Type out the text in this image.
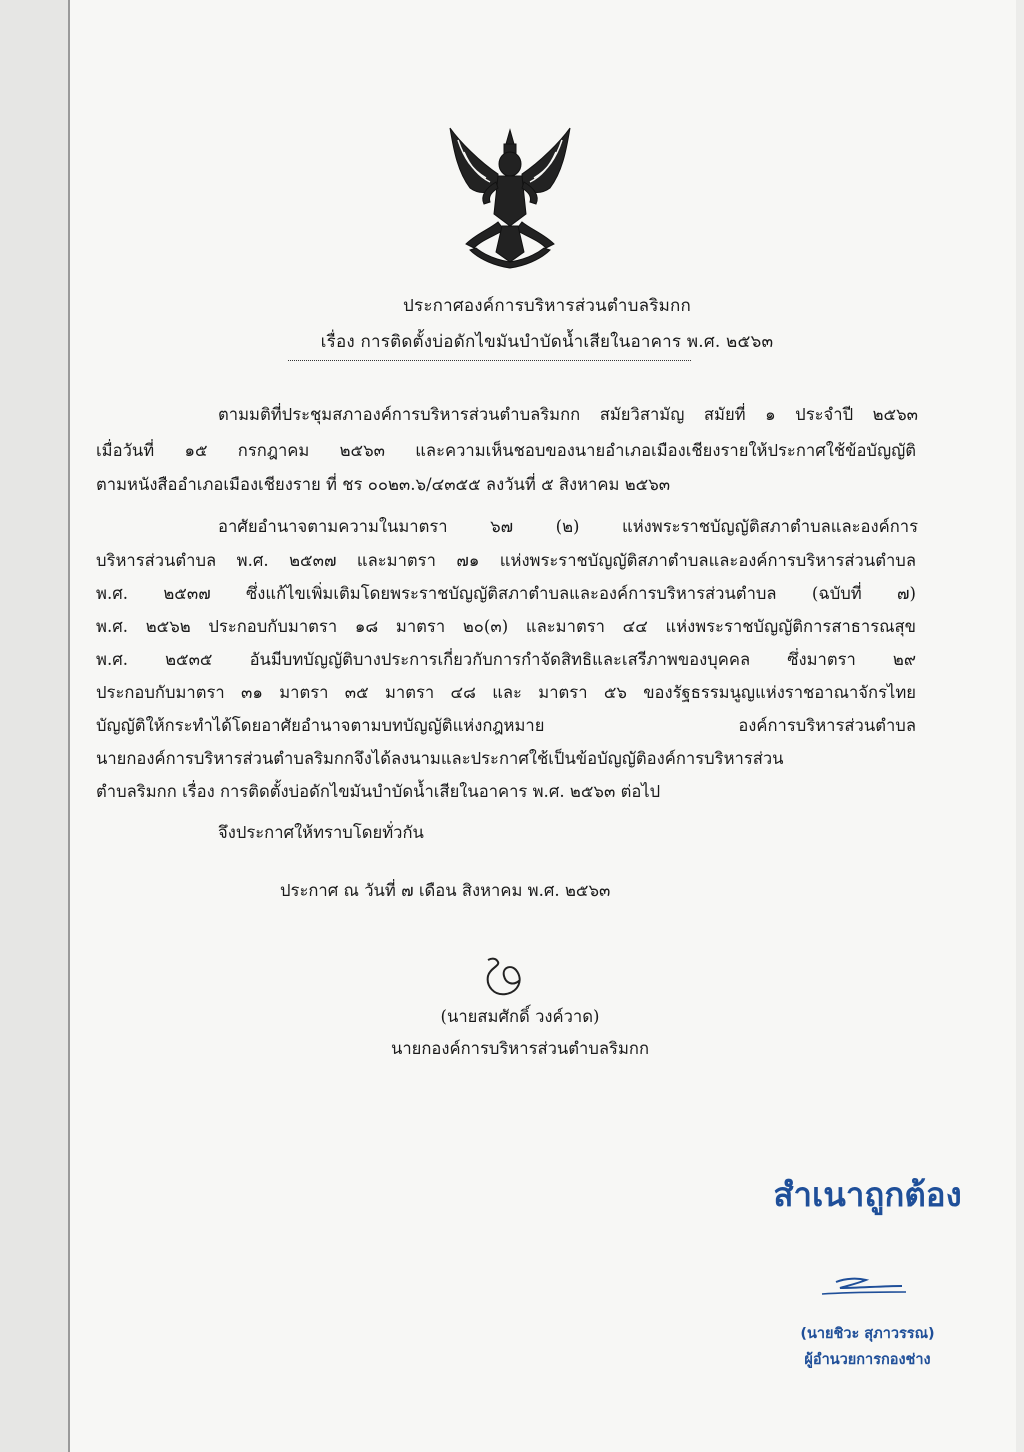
ประกาศองค์การบริหารส่วนตำบลริมกก
เรื่อง การติดตั้งบ่อดักไขมันบำบัดน้ำเสียในอาคาร พ.ศ. ๒๕๖๓
ตามมติที่ประชุมสภาองค์การบริหารส่วนตำบลริมกก สมัยวิสามัญ สมัยที่ ๑ ประจำปี ๒๕๖๓
เมื่อวันที่ ๑๕ กรกฎาคม ๒๕๖๓ และความเห็นชอบของนายอำเภอเมืองเชียงรายให้ประกาศใช้ข้อบัญญัติ
ตามหนังสืออำเภอเมืองเชียงราย ที่ ชร ๐๐๒๓.๖/๔๓๕๕ ลงวันที่ ๕ สิงหาคม ๒๕๖๓
อาศัยอำนาจตามความในมาตรา ๖๗ (๒) แห่งพระราชบัญญัติสภาตำบลและองค์การ
บริหารส่วนตำบล พ.ศ. ๒๕๓๗ และมาตรา ๗๑ แห่งพระราชบัญญัติสภาตำบลและองค์การบริหารส่วนตำบล
พ.ศ. ๒๕๓๗ ซึ่งแก้ไขเพิ่มเติมโดยพระราชบัญญัติสภาตำบลและองค์การบริหารส่วนตำบล (ฉบับที่ ๗)
พ.ศ. ๒๕๖๒ ประกอบกับมาตรา ๑๘ มาตรา ๒๐(๓) และมาตรา ๔๔ แห่งพระราชบัญญัติการสาธารณสุข
พ.ศ. ๒๕๓๕ อันมีบทบัญญัติบางประการเกี่ยวกับการกำจัดสิทธิและเสรีภาพของบุคคล ซึ่งมาตรา ๒๙
ประกอบกับมาตรา ๓๑ มาตรา ๓๕ มาตรา ๔๘ และ มาตรา ๕๖ ของรัฐธรรมนูญแห่งราชอาณาจักรไทย
บัญญัติให้กระทำได้โดยอาศัยอำนาจตามบทบัญญัติแห่งกฎหมาย องค์การบริหารส่วนตำบล
นายกองค์การบริหารส่วนตำบลริมกกจึงได้ลงนามและประกาศใช้เป็นข้อบัญญัติองค์การบริหารส่วน
ตำบลริมกก เรื่อง การติดตั้งบ่อดักไขมันบำบัดน้ำเสียในอาคาร พ.ศ. ๒๕๖๓ ต่อไป
จึงประกาศให้ทราบโดยทั่วกัน
ประกาศ ณ วันที่ ๗ เดือน สิงหาคม พ.ศ. ๒๕๖๓
(นายสมศักดิ์ วงค์วาด)
นายกองค์การบริหารส่วนตำบลริมกก
สำเนาถูกต้อง
(นายชิวะ สุภาวรรณ)
ผู้อำนวยการกองช่าง
